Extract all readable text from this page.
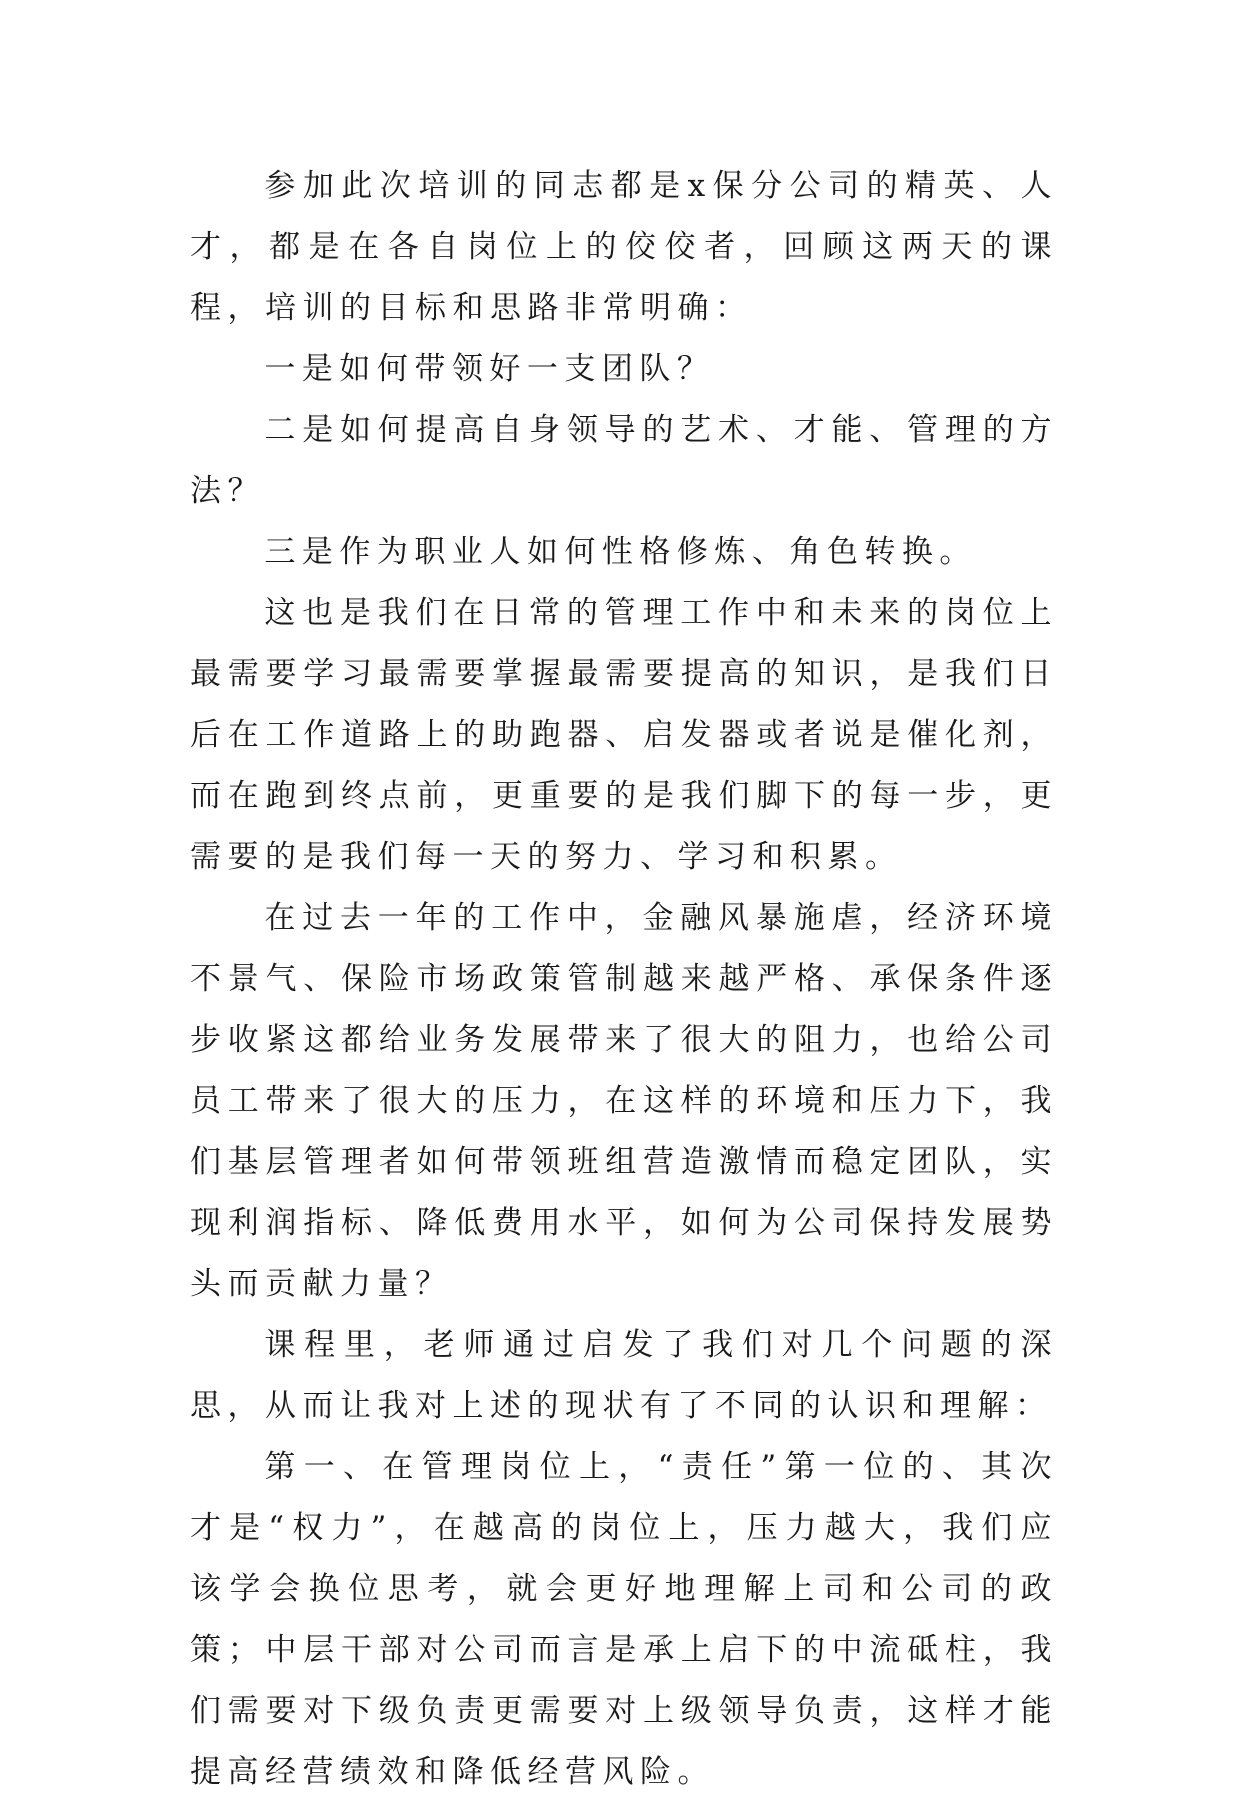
参加此次培训的同志都是x保分公司的精英、人才，都是在各自岗位上的佼佼者，回顾这两天的课程，培训的目标和思路非常明确：

一是如何带领好一支团队？

二是如何提高自身领导的艺术、才能、管理的方法？

三是作为职业人如何性格修炼、角色转换。

这也是我们在日常的管理工作中和未来的岗位上最需要学习最需要掌握最需要提高的知识，是我们日后在工作道路上的助跑器、启发器或者说是催化剂，而在跑到终点前，更重要的是我们脚下的每一步，更需要的是我们每一天的努力、学习和积累。

在过去一年的工作中，金融风暴施虐，经济环境不景气、保险市场政策管制越来越严格、承保条件逐步收紧这都给业务发展带来了很大的阻力，也给公司员工带来了很大的压力，在这样的环境和压力下，我们基层管理者如何带领班组营造激情而稳定团队，实现利润指标、降低费用水平，如何为公司保持发展势头而贡献力量？

课程里，老师通过启发了我们对几个问题的深思，从而让我对上述的现状有了不同的认识和理解：

第一、在管理岗位上，“责任”第一位的、其次才是“权力”，在越高的岗位上，压力越大，我们应该学会换位思考，就会更好地理解上司和公司的政策；中层干部对公司而言是承上启下的中流砥柱，我们需要对下级负责更需要对上级领导负责，这样才能提高经营绩效和降低经营风险。
